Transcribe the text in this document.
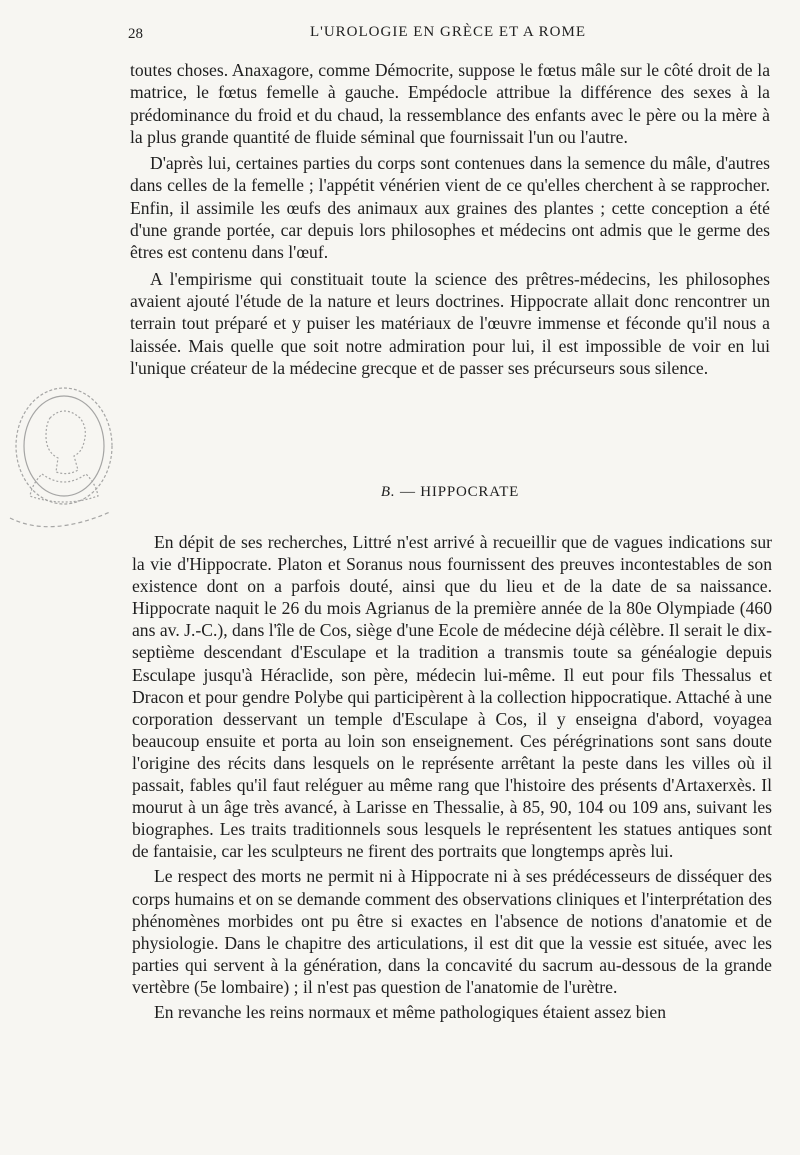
28	L'UROLOGIE EN GRÈCE ET A ROME

toutes choses. Anaxagore, comme Démocrite, suppose le fœtus mâle sur le côté droit de la matrice, le fœtus femelle à gauche. Empédocle attribue la différence des sexes à la prédominance du froid et du chaud, la ressemblance des enfants avec le père ou la mère à la plus grande quantité de fluide séminal que fournissait l'un ou l'autre.

D'après lui, certaines parties du corps sont contenues dans la semence du mâle, d'autres dans celles de la femelle ; l'appétit vénérien vient de ce qu'elles cherchent à se rapprocher. Enfin, il assimile les œufs des animaux aux graines des plantes ; cette conception a été d'une grande portée, car depuis lors philosophes et médecins ont admis que le germe des êtres est contenu dans l'œuf.

A l'empirisme qui constituait toute la science des prêtres-médecins, les philosophes avaient ajouté l'étude de la nature et leurs doctrines. Hippocrate allait donc rencontrer un terrain tout préparé et y puiser les matériaux de l'œuvre immense et féconde qu'il nous a laissée. Mais quelle que soit notre admiration pour lui, il est impossible de voir en lui l'unique créateur de la médecine grecque et de passer ses précurseurs sous silence.

B. — HIPPOCRATE

En dépit de ses recherches, Littré n'est arrivé à recueillir que de vagues indications sur la vie d'Hippocrate. Platon et Soranus nous fournissent des preuves incontestables de son existence dont on a parfois douté, ainsi que du lieu et de la date de sa naissance. Hippocrate naquit le 26 du mois Agrianus de la première année de la 80e Olympiade (460 ans av. J.-C.), dans l'île de Cos, siège d'une Ecole de médecine déjà célèbre. Il serait le dix-septième descendant d'Esculape et la tradition a transmis toute sa généalogie depuis Esculape jusqu'à Héraclide, son père, médecin lui-même. Il eut pour fils Thessalus et Dracon et pour gendre Polybe qui participèrent à la collection hippocratique. Attaché à une corporation desservant un temple d'Esculape à Cos, il y enseigna d'abord, voyagea beaucoup ensuite et porta au loin son enseignement. Ces pérégrinations sont sans doute l'origine des récits dans lesquels on le représente arrêtant la peste dans les villes où il passait, fables qu'il faut reléguer au même rang que l'histoire des présents d'Artaxerxès. Il mourut à un âge très avancé, à Larisse en Thessalie, à 85, 90, 104 ou 109 ans, suivant les biographes. Les traits traditionnels sous lesquels le représentent les statues antiques sont de fantaisie, car les sculpteurs ne firent des portraits que longtemps après lui.

Le respect des morts ne permit ni à Hippocrate ni à ses prédécesseurs de disséquer des corps humains et on se demande comment des observations cliniques et l'interprétation des phénomènes morbides ont pu être si exactes en l'absence de notions d'anatomie et de physiologie. Dans le chapitre des articulations, il est dit que la vessie est située, avec les parties qui servent à la génération, dans la concavité du sacrum au-dessous de la grande vertèbre (5e lombaire) ; il n'est pas question de l'anatomie de l'urètre.

En revanche les reins normaux et même pathologiques étaient assez bien
